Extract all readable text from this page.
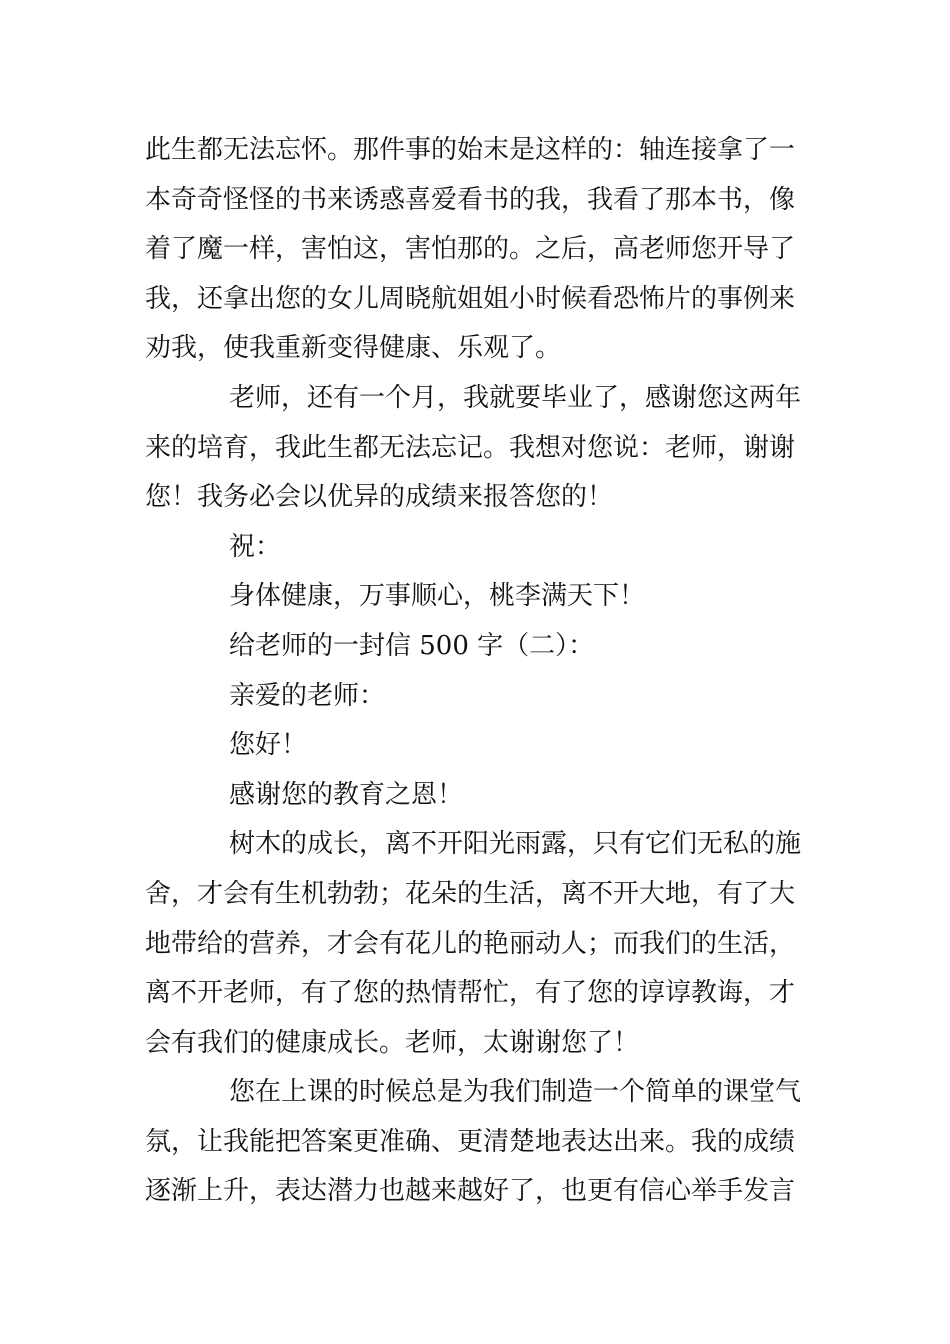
此生都无法忘怀。那件事的始末是这样的：轴连接拿了一
本奇奇怪怪的书来诱惑喜爱看书的我，我看了那本书，像
着了魔一样，害怕这，害怕那的。之后，高老师您开导了
我，还拿出您的女儿周晓航姐姐小时候看恐怖片的事例来
劝我，使我重新变得健康、乐观了。

老师，还有一个月，我就要毕业了，感谢您这两年
来的培育，我此生都无法忘记。我想对您说：老师，谢谢
您！我务必会以优异的成绩来报答您的！

祝：

身体健康，万事顺心，桃李满天下！

给老师的一封信 500 字（二）：

亲爱的老师：

您好！

感谢您的教育之恩！

树木的成长，离不开阳光雨露，只有它们无私的施
舍，才会有生机勃勃；花朵的生活，离不开大地，有了大
地带给的营养，才会有花儿的艳丽动人；而我们的生活，
离不开老师，有了您的热情帮忙，有了您的谆谆教诲，才
会有我们的健康成长。老师，太谢谢您了！

您在上课的时候总是为我们制造一个简单的课堂气
氛，让我能把答案更准确、更清楚地表达出来。我的成绩
逐渐上升，表达潜力也越来越好了，也更有信心举手发言
